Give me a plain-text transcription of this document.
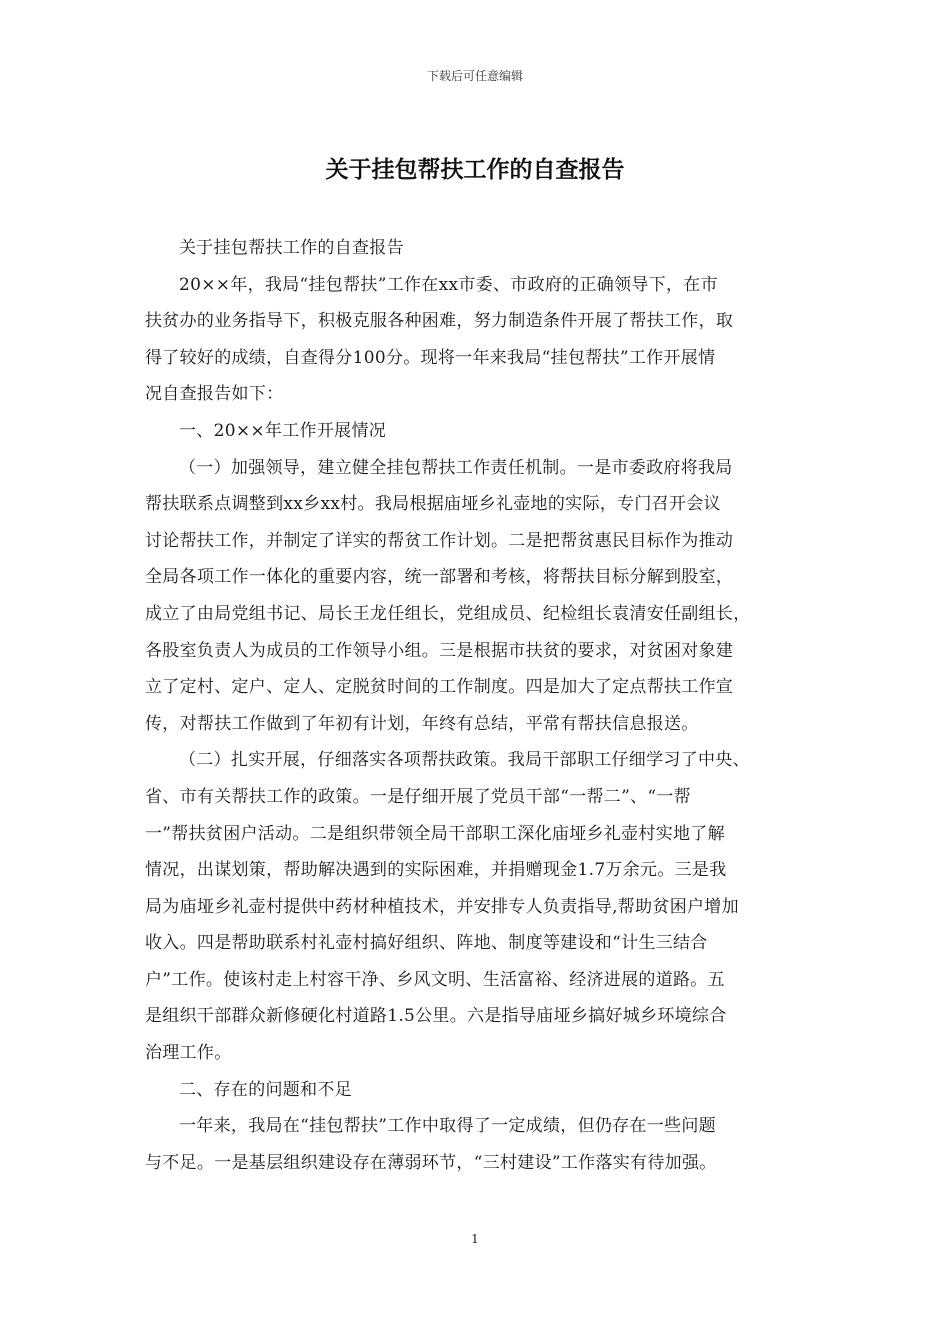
下载后可任意编辑
关于挂包帮扶工作的自查报告

关于挂包帮扶工作的自查报告

20××年，我局“挂包帮扶”工作在xx市委、市政府的正确领导下，在市
扶贫办的业务指导下，积极克服各种困难，努力制造条件开展了帮扶工作，取
得了较好的成绩，自查得分100分。现将一年来我局“挂包帮扶”工作开展情
况自查报告如下：

一、20××年工作开展情况

（一）加强领导，建立健全挂包帮扶工作责任机制。一是市委政府将我局
帮扶联系点调整到xx乡xx村。我局根据庙垭乡礼壶地的实际，专门召开会议
讨论帮扶工作，并制定了详实的帮贫工作计划。二是把帮贫惠民目标作为推动
全局各项工作一体化的重要内容，统一部署和考核，将帮扶目标分解到股室，
成立了由局党组书记、局长王龙任组长，党组成员、纪检组长袁清安任副组长，
各股室负责人为成员的工作领导小组。三是根据市扶贫的要求，对贫困对象建
立了定村、定户、定人、定脱贫时间的工作制度。四是加大了定点帮扶工作宣
传，对帮扶工作做到了年初有计划，年终有总结，平常有帮扶信息报送。

（二）扎实开展，仔细落实各项帮扶政策。我局干部职工仔细学习了中央、
省、市有关帮扶工作的政策。一是仔细开展了党员干部“一帮二”、“一帮
一”帮扶贫困户活动。二是组织带领全局干部职工深化庙垭乡礼壶村实地了解
情况，出谋划策，帮助解决遇到的实际困难，并捐赠现金1.7万余元。三是我
局为庙垭乡礼壶村提供中药材种植技术，并安排专人负责指导,帮助贫困户增加
收入。四是帮助联系村礼壶村搞好组织、阵地、制度等建设和“计生三结合
户”工作。使该村走上村容干净、乡风文明、生活富裕、经济进展的道路。五
是组织干部群众新修硬化村道路1.5公里。六是指导庙垭乡搞好城乡环境综合
治理工作。

二、存在的问题和不足

一年来，我局在“挂包帮扶”工作中取得了一定成绩，但仍存在一些问题
与不足。一是基层组织建设存在薄弱环节，“三村建设”工作落实有待加强。

1
